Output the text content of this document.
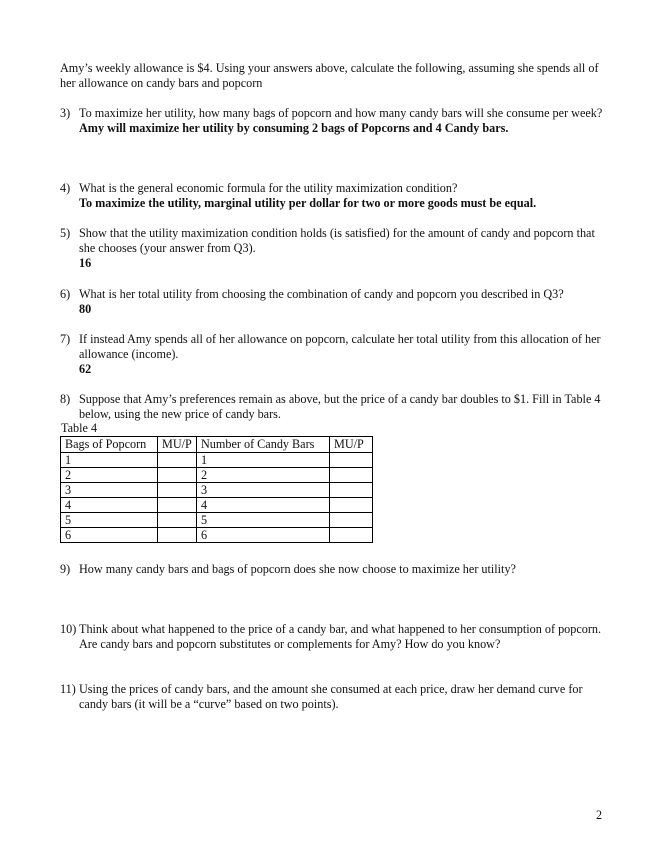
Amy’s weekly allowance is $4. Using your answers above, calculate the following, assuming she spends all of her allowance on candy bars and popcorn
3) To maximize her utility, how many bags of popcorn and how many candy bars will she consume per week?
Amy will maximize her utility by consuming 2 bags of Popcorns and 4 Candy bars.
4) What is the general economic formula for the utility maximization condition?
To maximize the utility, marginal utility per dollar for two or more goods must be equal.
5) Show that the utility maximization condition holds (is satisfied) for the amount of candy and popcorn that she chooses (your answer from Q3).
16
6) What is her total utility from choosing the combination of candy and popcorn you described in Q3?
80
7) If instead Amy spends all of her allowance on popcorn, calculate her total utility from this allocation of her allowance (income).
62
8) Suppose that Amy’s preferences remain as above, but the price of a candy bar doubles to $1. Fill in Table 4 below, using the new price of candy bars.
Table 4
Bags of Popcorn	MU/P	Number of Candy Bars	MU/P
1		1	
2		2	
3		3	
4		4	
5		5	
6		6	
9) How many candy bars and bags of popcorn does she now choose to maximize her utility?
10) Think about what happened to the price of a candy bar, and what happened to her consumption of popcorn. Are candy bars and popcorn substitutes or complements for Amy? How do you know?
11) Using the prices of candy bars, and the amount she consumed at each price, draw her demand curve for candy bars (it will be a “curve” based on two points).
2
